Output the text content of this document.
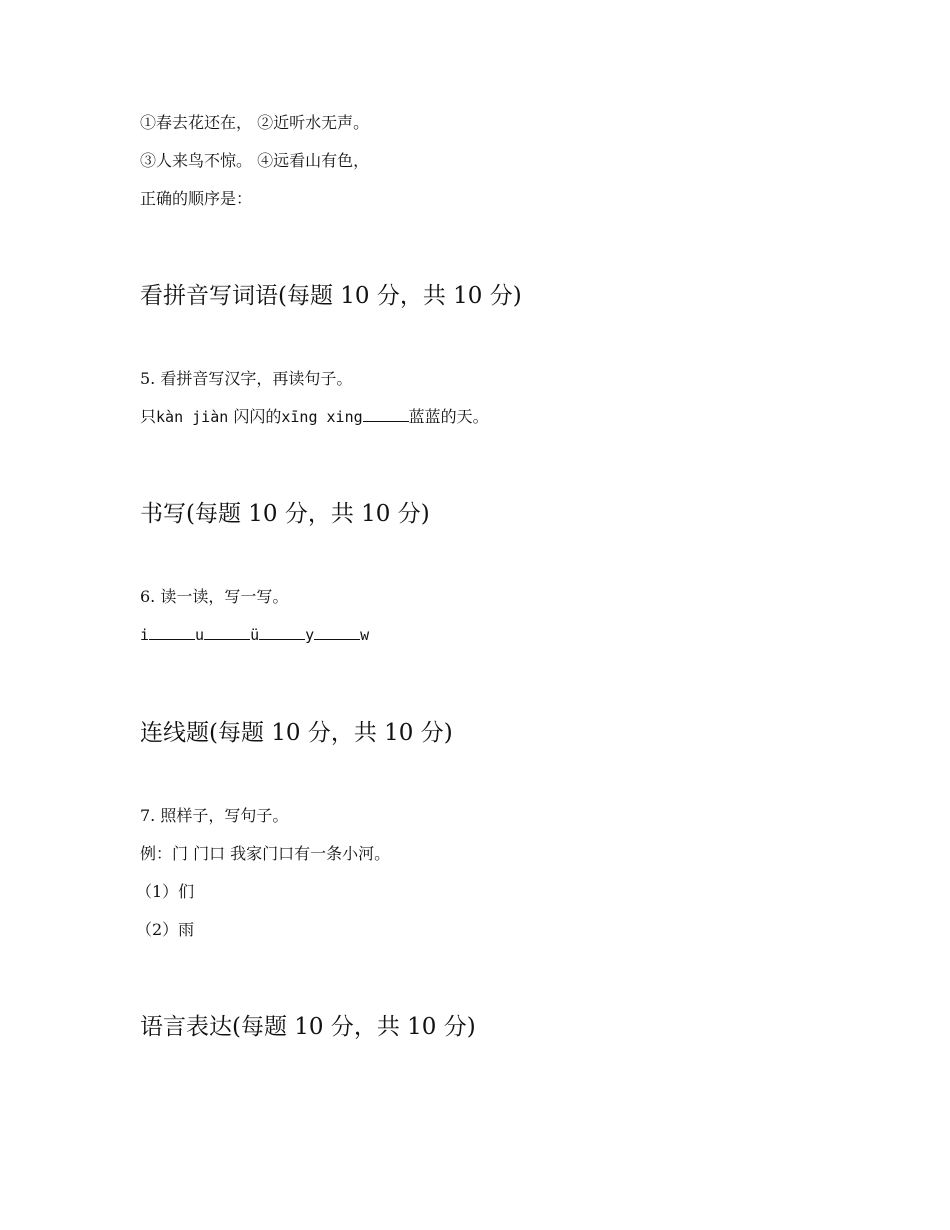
①春去花还在， ②近听水无声。

③人来鸟不惊。 ④远看山有色，

正确的顺序是：

看拼音写词语(每题 10 分，共 10 分)

5. 看拼音写汉字，再读句子。

只kàn jiàn 闪闪的xīng xing	蓝蓝的天。

书写(每题 10 分，共 10 分)

6. 读一读，写一写。

i	u	ü	y	w

连线题(每题 10 分，共 10 分)

7. 照样子，写句子。

例：门 门口 我家门口有一条小河。

（1）们

（2）雨

语言表达(每题 10 分，共 10 分)
